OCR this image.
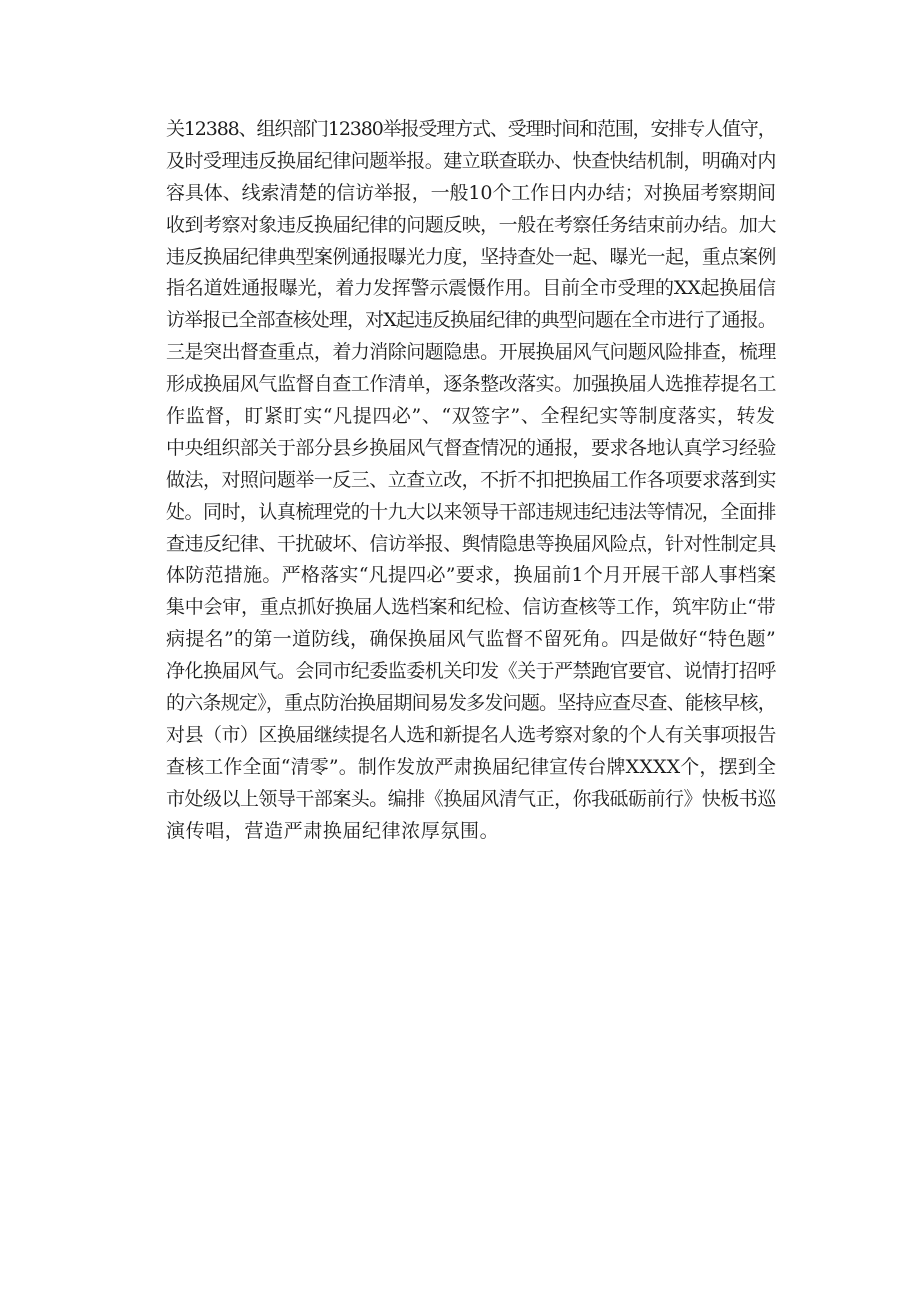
关12388、组织部门12380举报受理方式、受理时间和范围，安排专人值守，
及时受理违反换届纪律问题举报。建立联查联办、快查快结机制，明确对内
容具体、线索清楚的信访举报，一般10个工作日内办结；对换届考察期间
收到考察对象违反换届纪律的问题反映，一般在考察任务结束前办结。加大
违反换届纪律典型案例通报曝光力度，坚持查处一起、曝光一起，重点案例
指名道姓通报曝光，着力发挥警示震慑作用。目前全市受理的XX起换届信
访举报已全部查核处理，对X起违反换届纪律的典型问题在全市进行了通报。
三是突出督查重点，着力消除问题隐患。开展换届风气问题风险排查，梳理
形成换届风气监督自查工作清单，逐条整改落实。加强换届人选推荐提名工
作监督，盯紧盯实“凡提四必”、“双签字”、全程纪实等制度落实，转发
中央组织部关于部分县乡换届风气督查情况的通报，要求各地认真学习经验
做法，对照问题举一反三、立查立改，不折不扣把换届工作各项要求落到实
处。同时，认真梳理党的十九大以来领导干部违规违纪违法等情况，全面排
查违反纪律、干扰破坏、信访举报、舆情隐患等换届风险点，针对性制定具
体防范措施。严格落实“凡提四必”要求，换届前1个月开展干部人事档案
集中会审，重点抓好换届人选档案和纪检、信访查核等工作，筑牢防止“带
病提名”的第一道防线，确保换届风气监督不留死角。四是做好“特色题”
净化换届风气。会同市纪委监委机关印发《关于严禁跑官要官、说情打招呼
的六条规定》，重点防治换届期间易发多发问题。坚持应查尽查、能核早核，
对县（市）区换届继续提名人选和新提名人选考察对象的个人有关事项报告
查核工作全面“清零”。制作发放严肃换届纪律宣传台牌XXXX个，摆到全
市处级以上领导干部案头。编排《换届风清气正，你我砥砺前行》快板书巡
演传唱，营造严肃换届纪律浓厚氛围。
